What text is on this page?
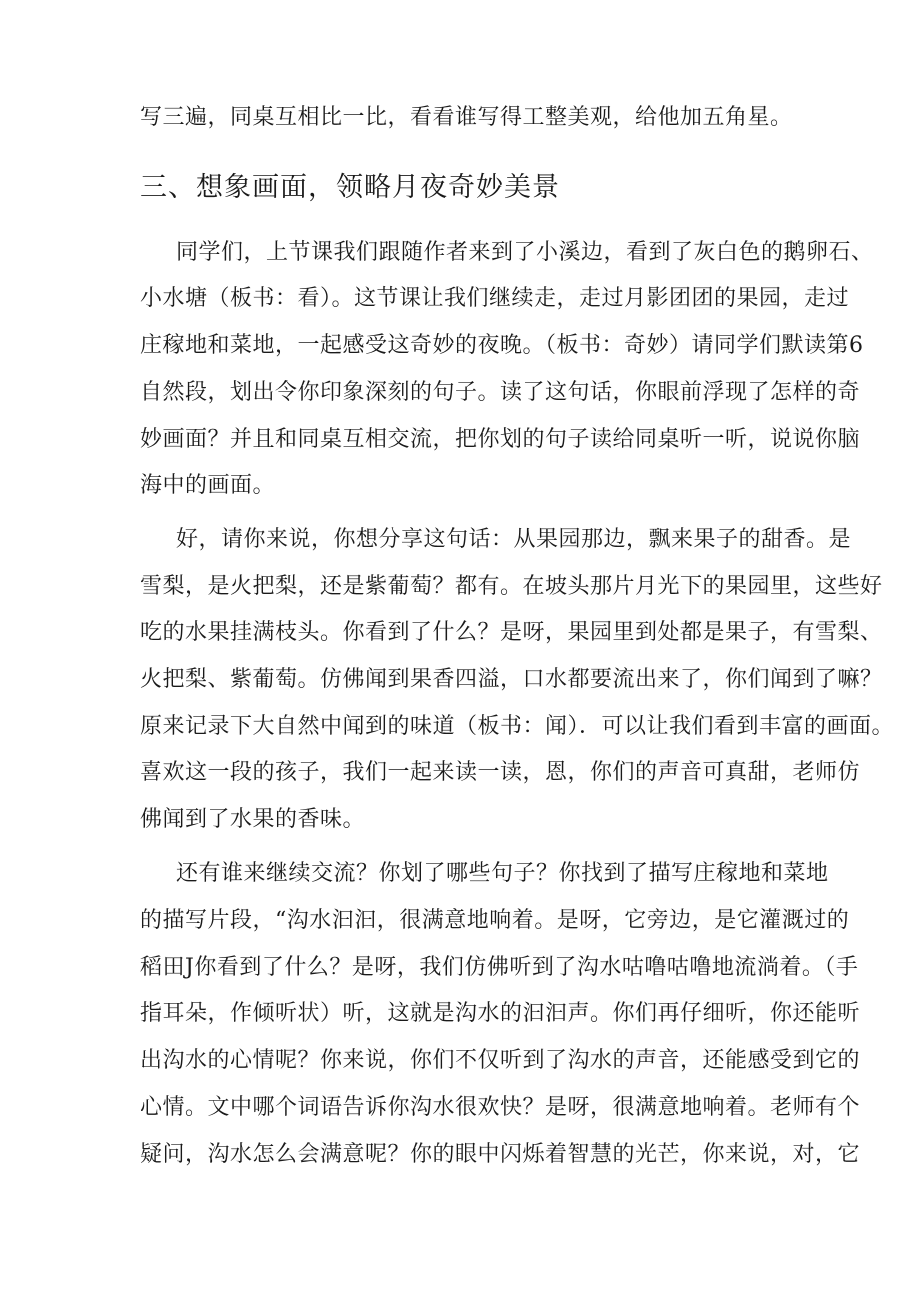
写三遍，同桌互相比一比，看看谁写得工整美观，给他加五角星。
三、想象画面，领略月夜奇妙美景
同学们，上节课我们跟随作者来到了小溪边，看到了灰白色的鹅卵石、
小水塘（板书：看）。这节课让我们继续走，走过月影团团的果园，走过
庄稼地和菜地，一起感受这奇妙的夜晚。（板书：奇妙）请同学们默读第6
自然段，划出令你印象深刻的句子。读了这句话，你眼前浮现了怎样的奇
妙画面？并且和同桌互相交流，把你划的句子读给同桌听一听，说说你脑
海中的画面。
好，请你来说，你想分享这句话：从果园那边，飘来果子的甜香。是
雪梨，是火把梨，还是紫葡萄？都有。在坡头那片月光下的果园里，这些好
吃的水果挂满枝头。你看到了什么？是呀，果园里到处都是果子，有雪梨、
火把梨、紫葡萄。仿佛闻到果香四溢，口水都要流出来了，你们闻到了嘛？
原来记录下大自然中闻到的味道（板书：闻）．可以让我们看到丰富的画面。
喜欢这一段的孩子，我们一起来读一读，恩，你们的声音可真甜，老师仿
佛闻到了水果的香味。
还有谁来继续交流？你划了哪些句子？你找到了描写庄稼地和菜地
的描写片段，“沟水汩汩，很满意地响着。是呀，它旁边，是它灌溉过的
稻田J你看到了什么？是呀，我们仿佛听到了沟水咕噜咕噜地流淌着。（手
指耳朵，作倾听状）听，这就是沟水的汩汩声。你们再仔细听，你还能听
出沟水的心情呢？你来说，你们不仅听到了沟水的声音，还能感受到它的
心情。文中哪个词语告诉你沟水很欢快？是呀，很满意地响着。老师有个
疑问，沟水怎么会满意呢？你的眼中闪烁着智慧的光芒，你来说，对，它
